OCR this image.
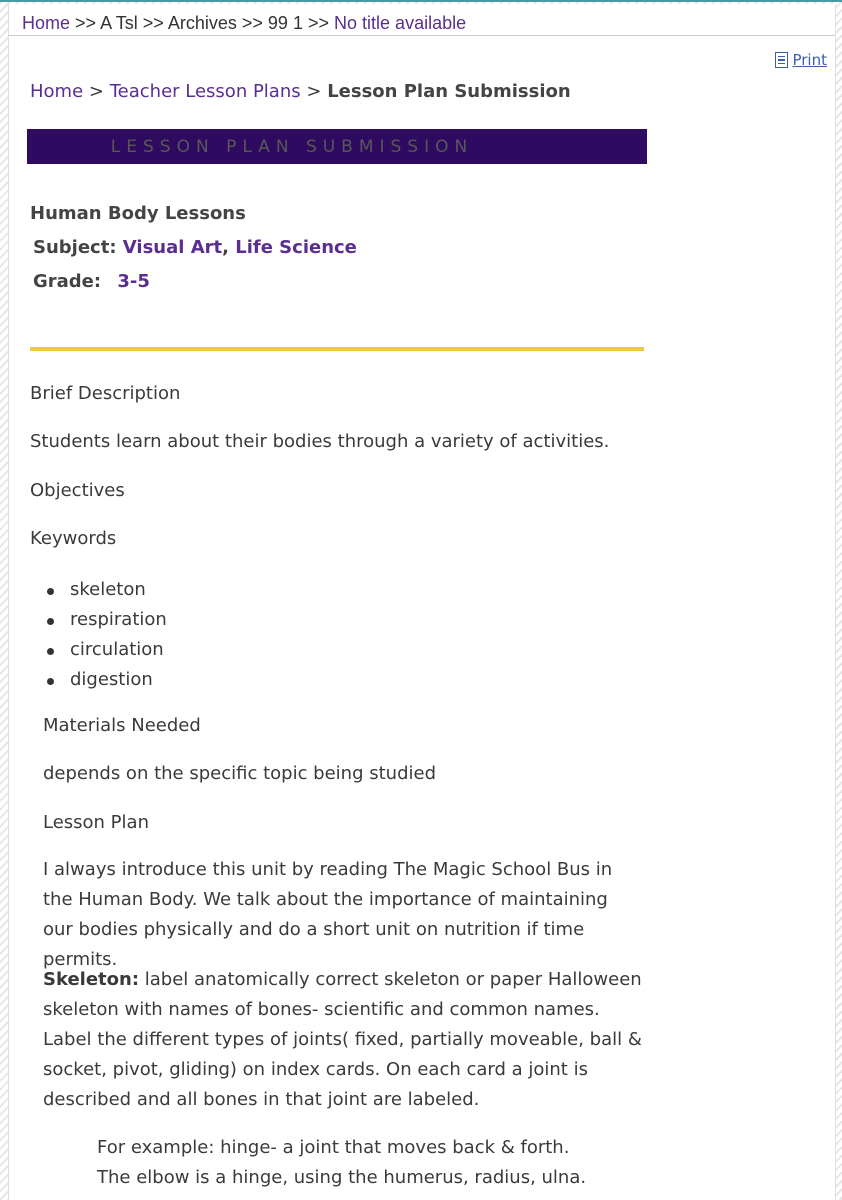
Home >> A Tsl >> Archives >> 99 1 >> No title available
Print
Home > Teacher Lesson Plans > Lesson Plan Submission
LESSON PLAN SUBMISSION
Human Body Lessons
Subject: Visual Art, Life Science
Grade: 3-5
Brief Description
Students learn about their bodies through a variety of activities.
Objectives
Keywords
skeleton
respiration
circulation
digestion
Materials Needed
depends on the specific topic being studied
Lesson Plan
I always introduce this unit by reading The Magic School Bus in the Human Body. We talk about the importance of maintaining our bodies physically and do a short unit on nutrition if time permits.
Skeleton: label anatomically correct skeleton or paper Halloween skeleton with names of bones- scientific and common names. Label the different types of joints( fixed, partially moveable, ball & socket, pivot, gliding) on index cards. On each card a joint is described and all bones in that joint are labeled.
For example: hinge- a joint that moves back & forth. The elbow is a hinge, using the humerus, radius, ulna.
